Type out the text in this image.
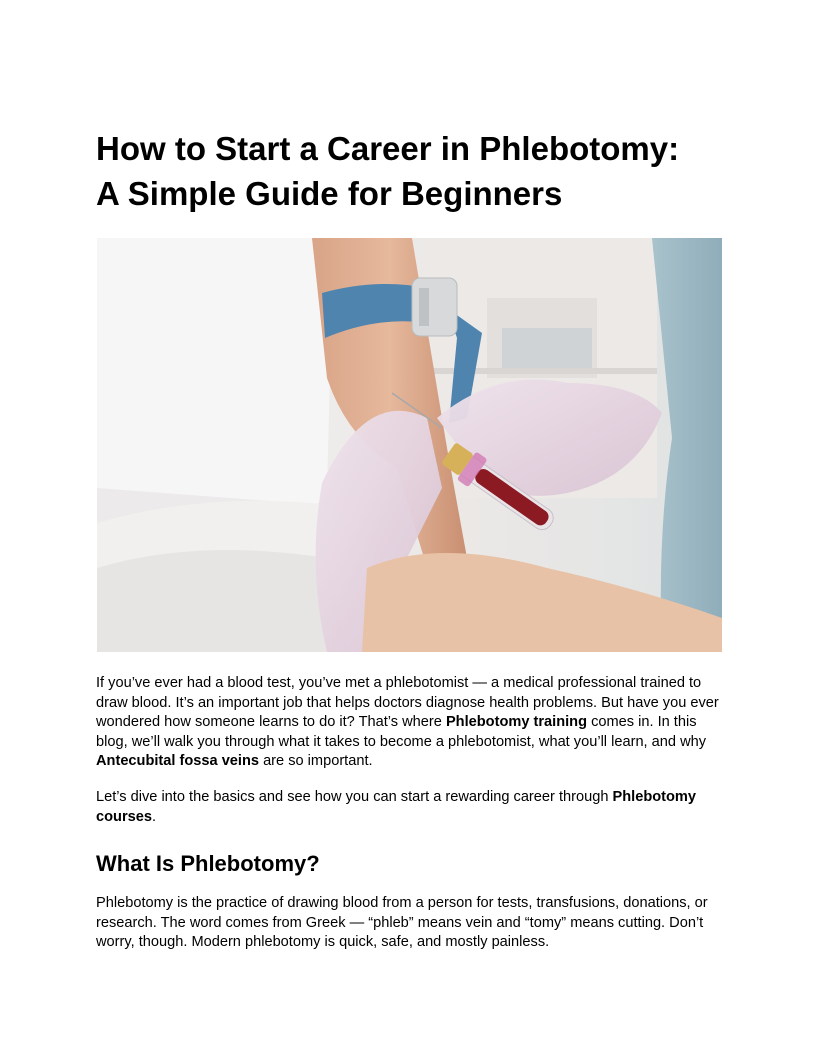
How to Start a Career in Phlebotomy:
A Simple Guide for Beginners

If you’ve ever had a blood test, you’ve met a phlebotomist — a medical professional trained to draw blood. It’s an important job that helps doctors diagnose health problems. But have you ever wondered how someone learns to do it? That’s where Phlebotomy training comes in. In this blog, we’ll walk you through what it takes to become a phlebotomist, what you’ll learn, and why Antecubital fossa veins are so important.

Let’s dive into the basics and see how you can start a rewarding career through Phlebotomy courses.

What Is Phlebotomy?

Phlebotomy is the practice of drawing blood from a person for tests, transfusions, donations, or research. The word comes from Greek — “phleb” means vein and “tomy” means cutting. Don’t worry, though. Modern phlebotomy is quick, safe, and mostly painless.
